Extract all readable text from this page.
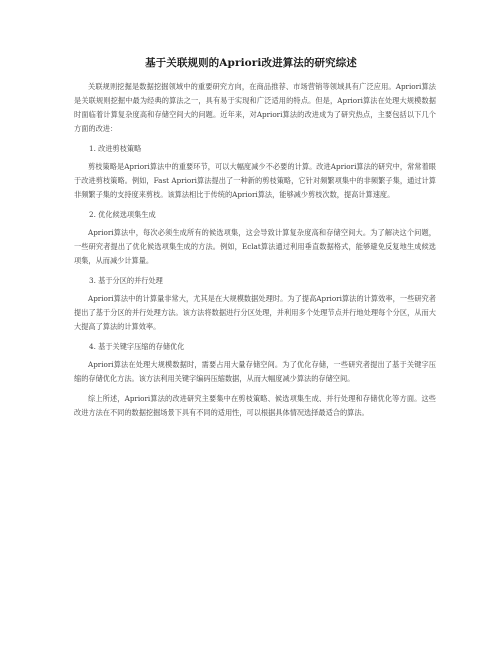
基于关联规则的Apriori改进算法的研究综述

关联规则挖掘是数据挖掘领域中的重要研究方向，在商品推荐、市场营销等领域具有广泛应用。Apriori算法是关联规则挖掘中最为经典的算法之一，具有易于实现和广泛适用的特点。但是，Apriori算法在处理大规模数据时面临着计算复杂度高和存储空间大的问题。近年来，对Apriori算法的改进成为了研究热点，主要包括以下几个方面的改进：

1. 改进剪枝策略

剪枝策略是Apriori算法中的重要环节，可以大幅度减少不必要的计算。改进Apriori算法的研究中，常常着眼于改进剪枝策略。例如，Fast Apriori算法提出了一种新的剪枝策略，它针对频繁项集中的非频繁子集，通过计算非频繁子集的支持度来剪枝。该算法相比于传统的Apriori算法，能够减少剪枝次数，提高计算速度。

2. 优化候选项集生成

Apriori算法中，每次必须生成所有的候选项集，这会导致计算复杂度高和存储空间大。为了解决这个问题，一些研究者提出了优化候选项集生成的方法。例如，Eclat算法通过利用垂直数据格式，能够避免反复地生成候选项集，从而减少计算量。

3. 基于分区的并行处理

Apriori算法中的计算量非常大，尤其是在大规模数据处理时。为了提高Apriori算法的计算效率，一些研究者提出了基于分区的并行处理方法。该方法将数据进行分区处理，并利用多个处理节点并行地处理每个分区，从而大大提高了算法的计算效率。

4. 基于关键字压缩的存储优化

Apriori算法在处理大规模数据时，需要占用大量存储空间。为了优化存储，一些研究者提出了基于关键字压缩的存储优化方法。该方法利用关键字编码压缩数据，从而大幅度减少算法的存储空间。

综上所述，Apriori算法的改进研究主要集中在剪枝策略、候选项集生成、并行处理和存储优化等方面。这些改进方法在不同的数据挖掘场景下具有不同的适用性，可以根据具体情况选择最适合的算法。
